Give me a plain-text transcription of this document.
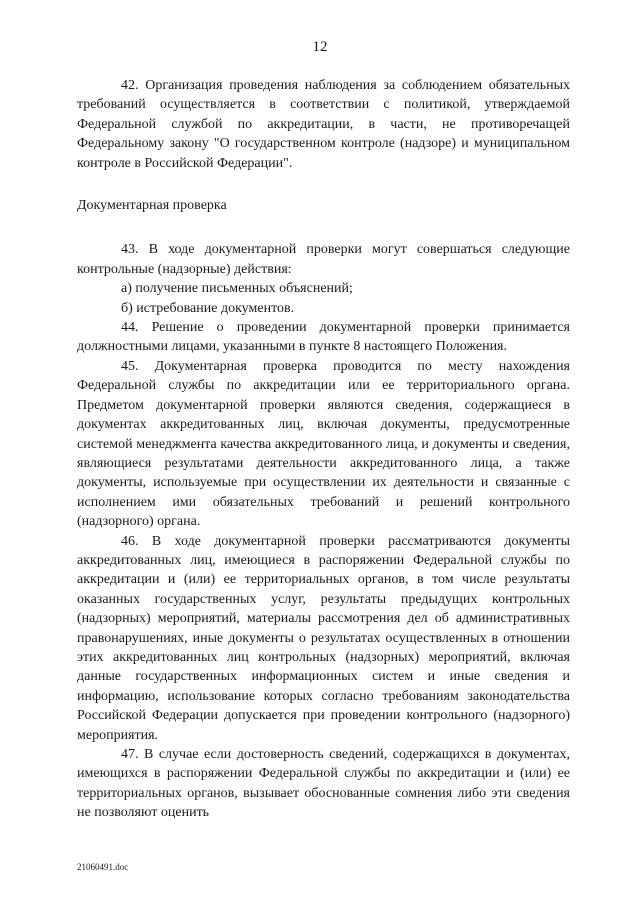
12

42. Организация проведения наблюдения за соблюдением обязательных требований осуществляется в соответствии с политикой, утверждаемой Федеральной службой по аккредитации, в части, не противоречащей Федеральному закону "О государственном контроле (надзоре) и муниципальном контроле в Российской Федерации".

Документарная проверка

43. В ходе документарной проверки могут совершаться следующие контрольные (надзорные) действия:

а) получение письменных объяснений;

б) истребование документов.

44. Решение о проведении документарной проверки принимается должностными лицами, указанными в пункте 8 настоящего Положения.

45. Документарная проверка проводится по месту нахождения Федеральной службы по аккредитации или ее территориального органа. Предметом документарной проверки являются сведения, содержащиеся в документах аккредитованных лиц, включая документы, предусмотренные системой менеджмента качества аккредитованного лица, и документы и сведения, являющиеся результатами деятельности аккредитованного лица, а также документы, используемые при осуществлении их деятельности и связанные с исполнением ими обязательных требований и решений контрольного (надзорного) органа.

46. В ходе документарной проверки рассматриваются документы аккредитованных лиц, имеющиеся в распоряжении Федеральной службы по аккредитации и (или) ее территориальных органов, в том числе результаты оказанных государственных услуг, результаты предыдущих контрольных (надзорных) мероприятий, материалы рассмотрения дел об административных правонарушениях, иные документы о результатах осуществленных в отношении этих аккредитованных лиц контрольных (надзорных) мероприятий, включая данные государственных информационных систем и иные сведения и информацию, использование которых согласно требованиям законодательства Российской Федерации допускается при проведении контрольного (надзорного) мероприятия.

47. В случае если достоверность сведений, содержащихся в документах, имеющихся в распоряжении Федеральной службы по аккредитации и (или) ее территориальных органов, вызывает обоснованные сомнения либо эти сведения не позволяют оценить

21060491.doc
